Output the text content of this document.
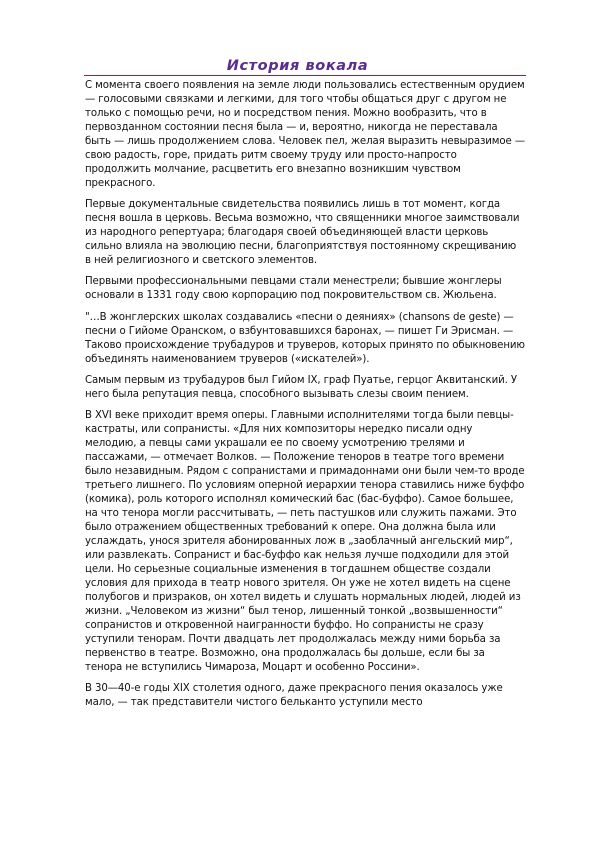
История вокала

С момента своего появления на земле люди пользовались естественным орудием — голосовыми связками и легкими, для того чтобы общаться друг с другом не только с помощью речи, но и посредством пения. Можно вообразить, что в первозданном состоянии песня была — и, вероятно, никогда не переставала быть — лишь продолжением слова. Человек пел, желая выразить невыразимое — свою радость, горе, придать ритм своему труду или просто-напросто продолжить молчание, расцветить его внезапно возникшим чувством прекрасного.

Первые документальные свидетельства появились лишь в тот момент, когда песня вошла в церковь. Весьма возможно, что священники многое заимствовали из народного репертуара; благодаря своей объединяющей власти церковь сильно влияла на эволюцию песни, благоприятствуя постоянному скрещиванию в ней религиозного и светского элементов.

Первыми профессиональными певцами стали менестрели; бывшие жонглеры основали в 1331 году свою корпорацию под покровительством св. Жюльена.

"…В жонглерских школах создавались «песни о деяниях» (chansons de geste) — песни о Гийоме Оранском, о взбунтовавшихся баронах, — пишет Ги Эрисман. — Таково происхождение трубадуров и труверов, которых принято по обыкновению объединять наименованием труверов («искателей»).

Самым первым из трубадуров был Гийом IX, граф Пуатье, герцог Аквитанский. У него была репутация певца, способного вызывать слезы своим пением.

В XVI веке приходит время оперы. Главными исполнителями тогда были певцы-кастраты, или сопранисты. «Для них композиторы нередко писали одну мелодию, а певцы сами украшали ее по своему усмотрению трелями и пассажами, — отмечает Волков. — Положение теноров в театре того времени было незавидным. Рядом с сопранистами и примадоннами они были чем-то вроде третьего лишнего. По условиям оперной иерархии тенора ставились ниже буффо (комика), роль которого исполнял комический бас (бас-буффо). Самое большее, на что тенора могли рассчитывать, — петь пастушков или служить пажами. Это было отражением общественных требований к опере. Она должна была или услаждать, унося зрителя абонированных лож в „заоблачный ангельский мир“, или развлекать. Сопранист и бас-буффо как нельзя лучше подходили для этой цели. Но серьезные социальные изменения в тогдашнем обществе создали условия для прихода в театр нового зрителя. Он уже не хотел видеть на сцене полубогов и призраков, он хотел видеть и слушать нормальных людей, людей из жизни. „Человеком из жизни“ был тенор, лишенный тонкой „возвышенности“ сопранистов и откровенной наигранности буффо. Но сопранисты не сразу уступили тенорам. Почти двадцать лет продолжалась между ними борьба за первенство в театре. Возможно, она продолжалась бы дольше, если бы за тенора не вступились Чимароза, Моцарт и особенно Россини».

В 30—40-е годы XIX столетия одного, даже прекрасного пения оказалось уже мало, — так представители чистого бельканто уступили место
